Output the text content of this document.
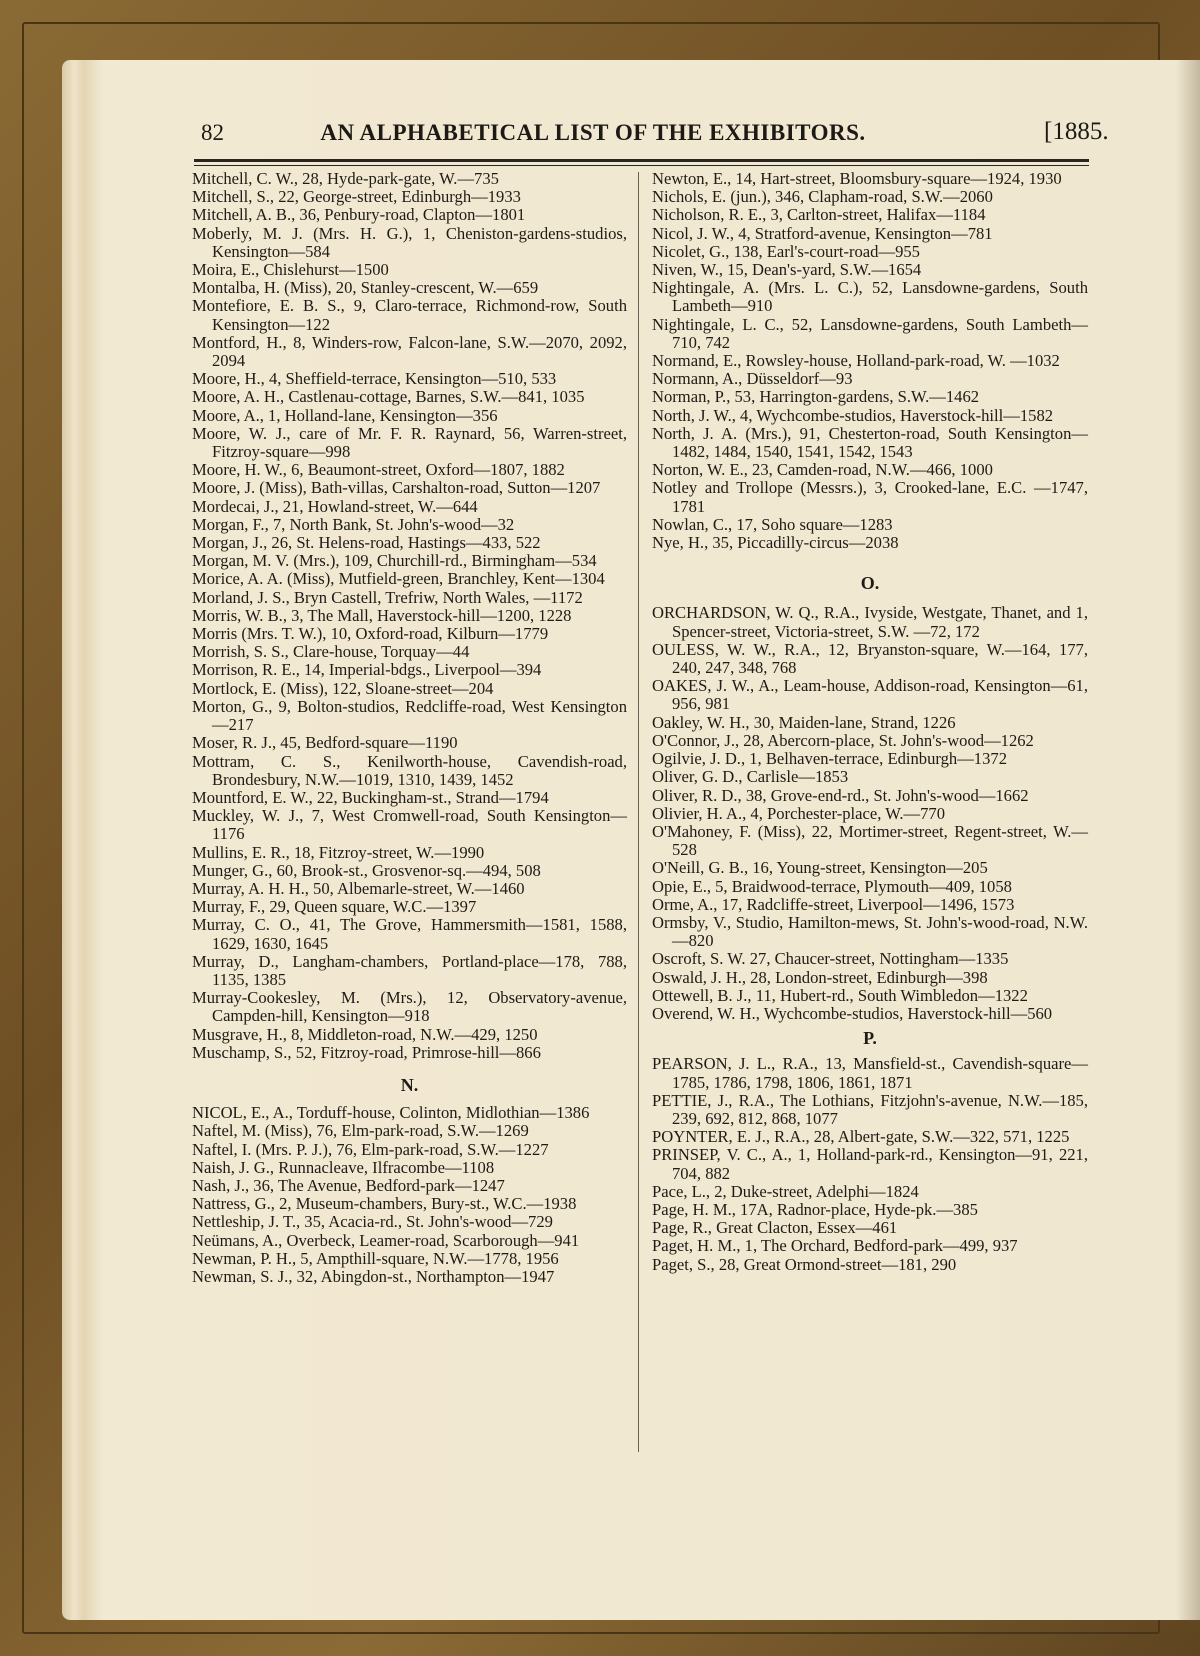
82	AN ALPHABETICAL LIST OF THE EXHIBITORS.	[1885.

Mitchell, C. W., 28, Hyde-park-gate, W.—735

Mitchell, S., 22, George-street, Edinburgh—1933

Mitchell, A. B., 36, Penbury-road, Clapton—1801

Moberly, M. J. (Mrs. H. G.), 1, Cheniston-gardens-studios, Kensington—584

Moira, E., Chislehurst—1500

Montalba, H. (Miss), 20, Stanley-crescent, W.—659

Montefiore, E. B. S., 9, Claro-terrace, Richmond-row, South Kensington—122

Montford, H., 8, Winders-row, Falcon-lane, S.W.—2070, 2092, 2094

Moore, H., 4, Sheffield-terrace, Kensington—510, 533

Moore, A. H., Castlenau-cottage, Barnes, S.W.—841, 1035

Moore, A., 1, Holland-lane, Kensington—356

Moore, W. J., care of Mr. F. R. Raynard, 56, Warren-street, Fitzroy-square—998

Moore, H. W., 6, Beaumont-street, Oxford—1807, 1882

Moore, J. (Miss), Bath-villas, Carshalton-road, Sutton—1207

Mordecai, J., 21, Howland-street, W.—644

Morgan, F., 7, North Bank, St. John's-wood—32

Morgan, J., 26, St. Helens-road, Hastings—433, 522

Morgan, M. V. (Mrs.), 109, Churchill-rd., Birmingham—534

Morice, A. A. (Miss), Mutfield-green, Branchley, Kent—1304

Morland, J. S., Bryn Castell, Trefriw, North Wales, —1172

Morris, W. B., 3, The Mall, Haverstock-hill—1200, 1228

Morris (Mrs. T. W.), 10, Oxford-road, Kilburn—1779

Morrish, S. S., Clare-house, Torquay—44

Morrison, R. E., 14, Imperial-bdgs., Liverpool—394

Mortlock, E. (Miss), 122, Sloane-street—204

Morton, G., 9, Bolton-studios, Redcliffe-road, West Kensington—217

Moser, R. J., 45, Bedford-square—1190

Mottram, C. S., Kenilworth-house, Cavendish-road, Brondesbury, N.W.—1019, 1310, 1439, 1452

Mountford, E. W., 22, Buckingham-st., Strand—1794

Muckley, W. J., 7, West Cromwell-road, South Kensington—1176

Mullins, E. R., 18, Fitzroy-street, W.—1990

Munger, G., 60, Brook-st., Grosvenor-sq.—494, 508

Murray, A. H. H., 50, Albemarle-street, W.—1460

Murray, F., 29, Queen square, W.C.—1397

Murray, C. O., 41, The Grove, Hammersmith—1581, 1588, 1629, 1630, 1645

Murray, D., Langham-chambers, Portland-place—178, 788, 1135, 1385

Murray-Cookesley, M. (Mrs.), 12, Observatory-avenue, Campden-hill, Kensington—918

Musgrave, H., 8, Middleton-road, N.W.—429, 1250

Muschamp, S., 52, Fitzroy-road, Primrose-hill—866

N.

NICOL, E., A., Torduff-house, Colinton, Midlothian—1386

Naftel, M. (Miss), 76, Elm-park-road, S.W.—1269

Naftel, I. (Mrs. P. J.), 76, Elm-park-road, S.W.—1227

Naish, J. G., Runnacleave, Ilfracombe—1108

Nash, J., 36, The Avenue, Bedford-park—1247

Nattress, G., 2, Museum-chambers, Bury-st., W.C.—1938

Nettleship, J. T., 35, Acacia-rd., St. John's-wood—729

Neümans, A., Overbeck, Leamer-road, Scarborough—941

Newman, P. H., 5, Ampthill-square, N.W.—1778, 1956

Newman, S. J., 32, Abingdon-st., Northampton—1947

Newton, E., 14, Hart-street, Bloomsbury-square—1924, 1930

Nichols, E. (jun.), 346, Clapham-road, S.W.—2060

Nicholson, R. E., 3, Carlton-street, Halifax—1184

Nicol, J. W., 4, Stratford-avenue, Kensington—781

Nicolet, G., 138, Earl's-court-road—955

Niven, W., 15, Dean's-yard, S.W.—1654

Nightingale, A. (Mrs. L. C.), 52, Lansdowne-gardens, South Lambeth—910

Nightingale, L. C., 52, Lansdowne-gardens, South Lambeth—710, 742

Normand, E., Rowsley-house, Holland-park-road, W. —1032

Normann, A., Düsseldorf—93

Norman, P., 53, Harrington-gardens, S.W.—1462

North, J. W., 4, Wychcombe-studios, Haverstock-hill—1582

North, J. A. (Mrs.), 91, Chesterton-road, South Kensington—1482, 1484, 1540, 1541, 1542, 1543

Norton, W. E., 23, Camden-road, N.W.—466, 1000

Notley and Trollope (Messrs.), 3, Crooked-lane, E.C. —1747, 1781

Nowlan, C., 17, Soho square—1283

Nye, H., 35, Piccadilly-circus—2038

O.

ORCHARDSON, W. Q., R.A., Ivyside, Westgate, Thanet, and 1, Spencer-street, Victoria-street, S.W. —72, 172

OULESS, W. W., R.A., 12, Bryanston-square, W.—164, 177, 240, 247, 348, 768

OAKES, J. W., A., Leam-house, Addison-road, Kensington—61, 956, 981

Oakley, W. H., 30, Maiden-lane, Strand, 1226

O'Connor, J., 28, Abercorn-place, St. John's-wood—1262

Ogilvie, J. D., 1, Belhaven-terrace, Edinburgh—1372

Oliver, G. D., Carlisle—1853

Oliver, R. D., 38, Grove-end-rd., St. John's-wood—1662

Olivier, H. A., 4, Porchester-place, W.—770

O'Mahoney, F. (Miss), 22, Mortimer-street, Regent-street, W.—528

O'Neill, G. B., 16, Young-street, Kensington—205

Opie, E., 5, Braidwood-terrace, Plymouth—409, 1058

Orme, A., 17, Radcliffe-street, Liverpool—1496, 1573

Ormsby, V., Studio, Hamilton-mews, St. John's-wood-road, N.W.—820

Oscroft, S. W. 27, Chaucer-street, Nottingham—1335

Oswald, J. H., 28, London-street, Edinburgh—398

Ottewell, B. J., 11, Hubert-rd., South Wimbledon—1322

Overend, W. H., Wychcombe-studios, Haverstock-hill—560

P.

PEARSON, J. L., R.A., 13, Mansfield-st., Cavendish-square—1785, 1786, 1798, 1806, 1861, 1871

PETTIE, J., R.A., The Lothians, Fitzjohn's-avenue, N.W.—185, 239, 692, 812, 868, 1077

POYNTER, E. J., R.A., 28, Albert-gate, S.W.—322, 571, 1225

PRINSEP, V. C., A., 1, Holland-park-rd., Kensington—91, 221, 704, 882

Pace, L., 2, Duke-street, Adelphi—1824

Page, H. M., 17A, Radnor-place, Hyde-pk.—385

Page, R., Great Clacton, Essex—461

Paget, H. M., 1, The Orchard, Bedford-park—499, 937

Paget, S., 28, Great Ormond-street—181, 290
